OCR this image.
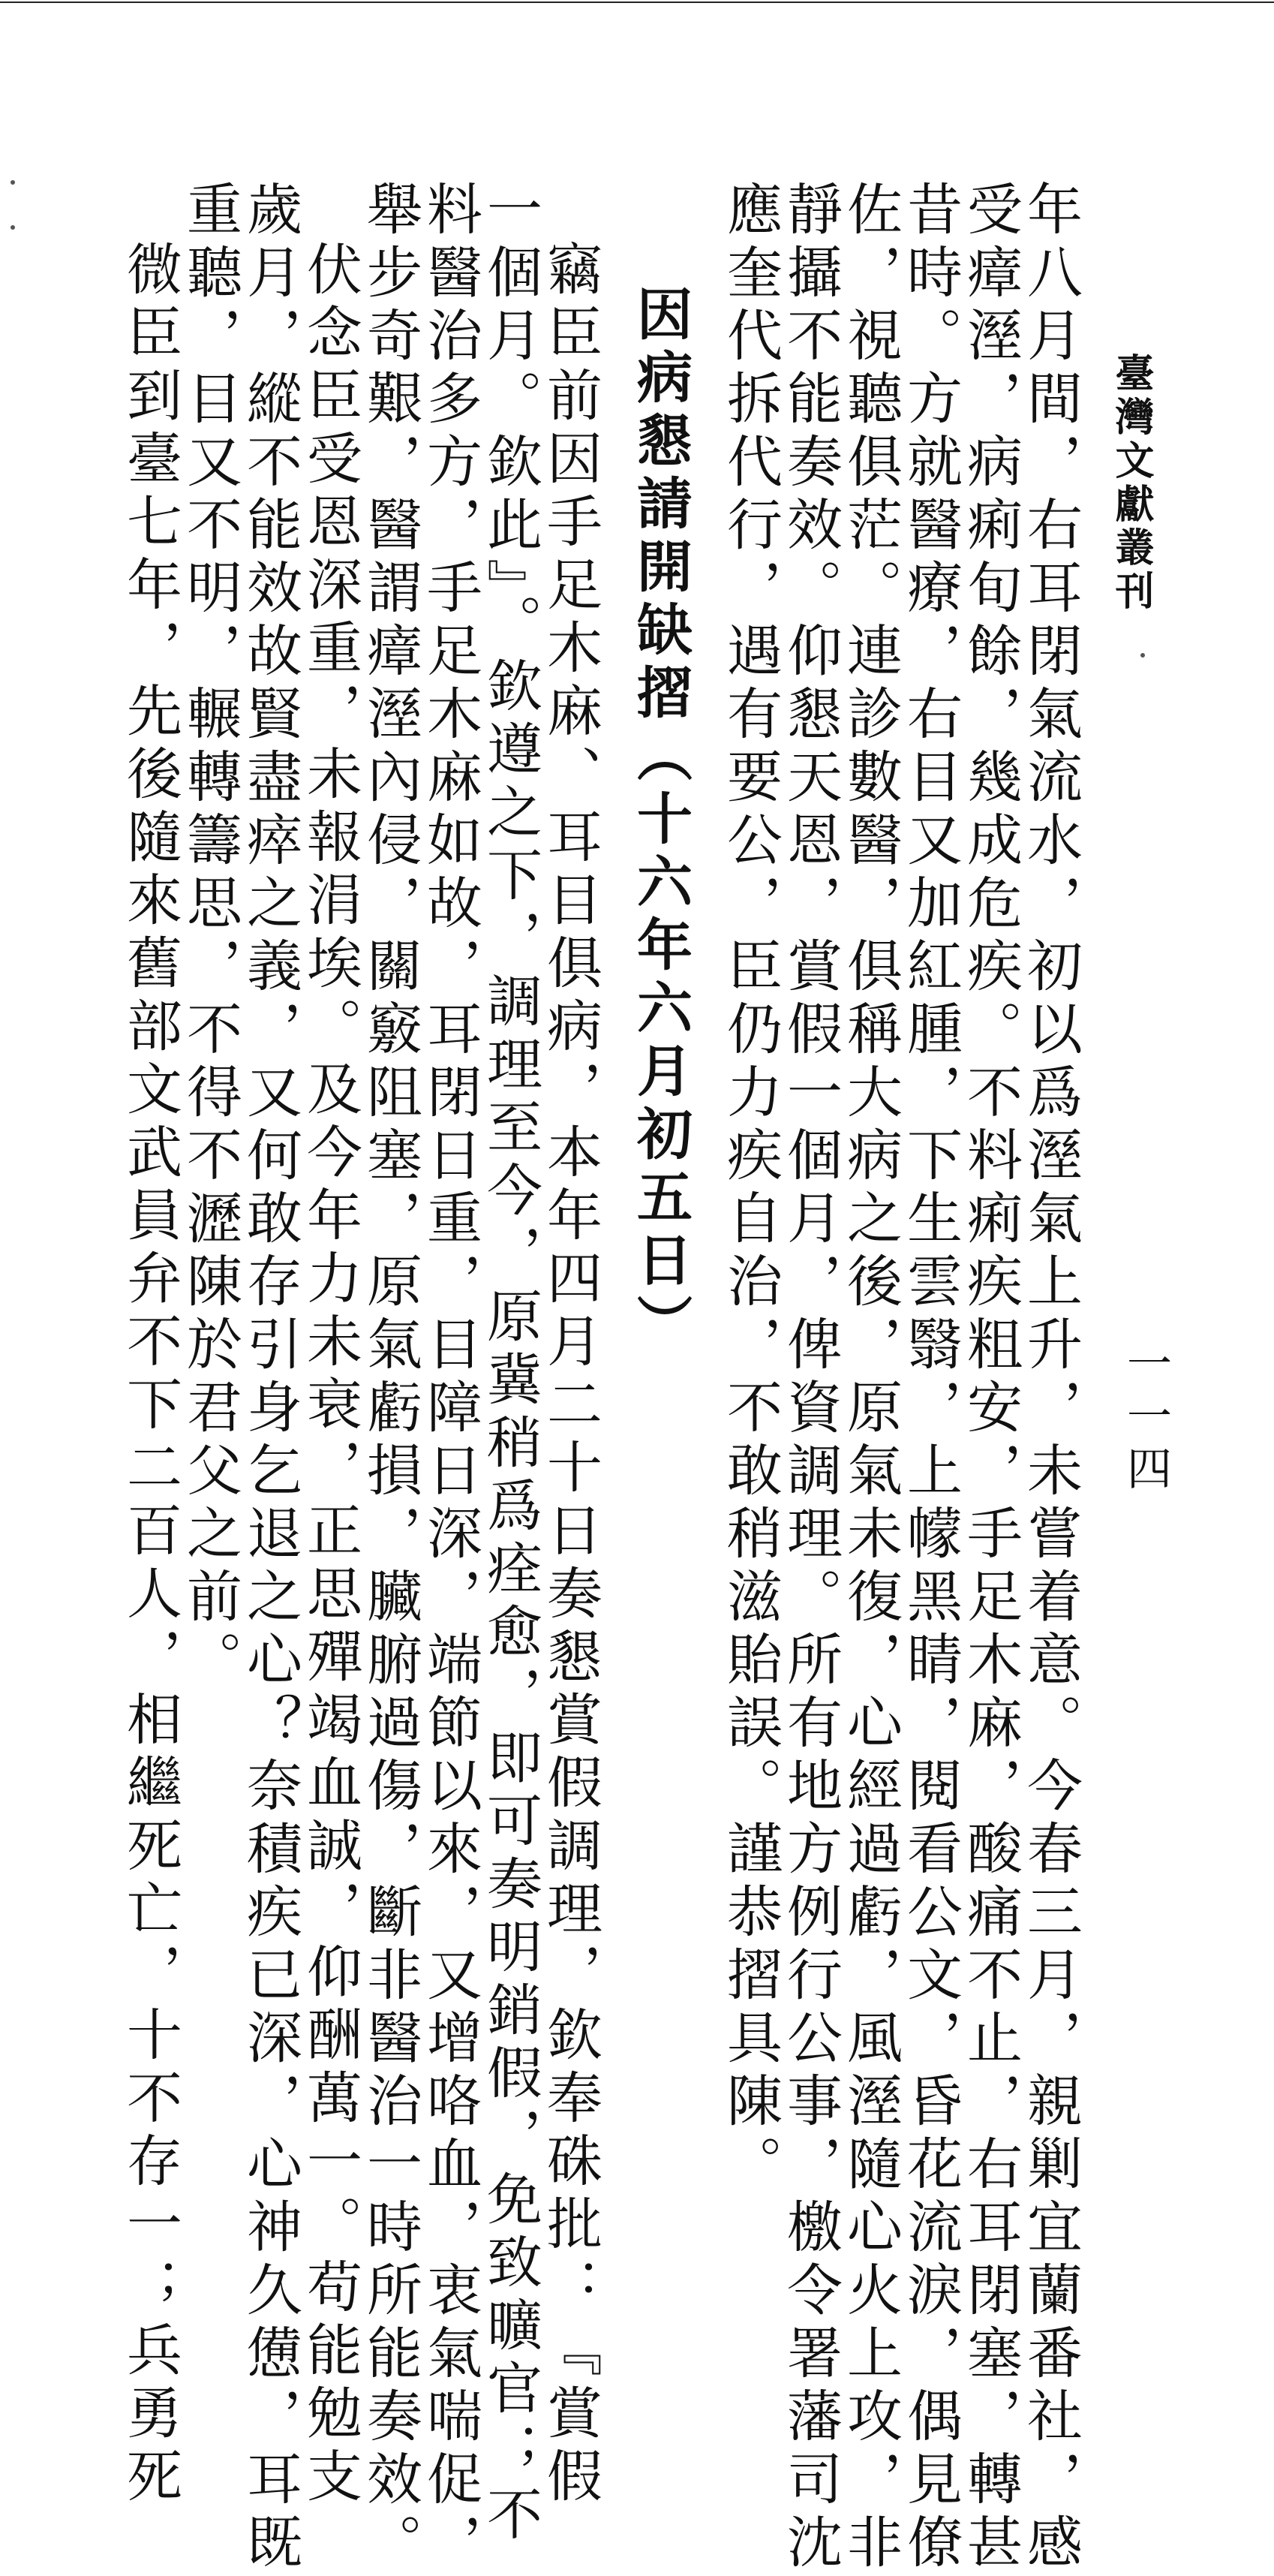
臺灣文獻叢刊
一一四
年八月間，右耳閉氣流水，初以爲溼氣上升，未嘗着意。今春三月，親剿宜蘭番社，感
受瘴溼，病痢旬餘，幾成危疾。不料痢疾粗安，手足木麻，酸痛不止，右耳閉塞，轉甚
昔時。方就醫療，右目又加紅腫，下生雲翳，上幪黑睛，閱看公文，昏花流淚，偶見僚
佐，視聽俱茫。連診數醫，俱稱大病之後，原氣未復，心經過虧，風溼隨心火上攻，非
靜攝不能奏效。仰懇天恩，賞假一個月，俾資調理。所有地方例行公事，檄令署藩司沈
應奎代拆代行，遇有要公，臣仍力疾自治，不敢稍滋貽誤。謹恭摺具陳。
因病懇請開缺摺（十六年六月初五日）
竊臣前因手足木麻、耳目俱病，本年四月二十日奏懇賞假調理，欽奉硃批：『賞假
一個月。欽此』。欽遵之下，調理至今，原冀稍爲痊愈，即可奏明銷假，免致曠官；不
料醫治多方，手足木麻如故，耳閉日重，目障日深，端節以來，又增咯血，衷氣喘促，
舉步奇艱，醫謂瘴溼內侵，關竅阻塞，原氣虧損，臟腑過傷，斷非醫治一時所能奏效。
伏念臣受恩深重，未報涓埃。及今年力未衰，正思殫竭血誠，仰酬萬一。苟能勉支
歲月，縱不能效故賢盡瘁之義，又何敢存引身乞退之心？奈積疾已深，心神久憊，耳既
重聽，目又不明，輾轉籌思，不得不瀝陳於君父之前。
微臣到臺七年，先後隨來舊部文武員弁不下二百人，相繼死亡，十不存一；兵勇死
